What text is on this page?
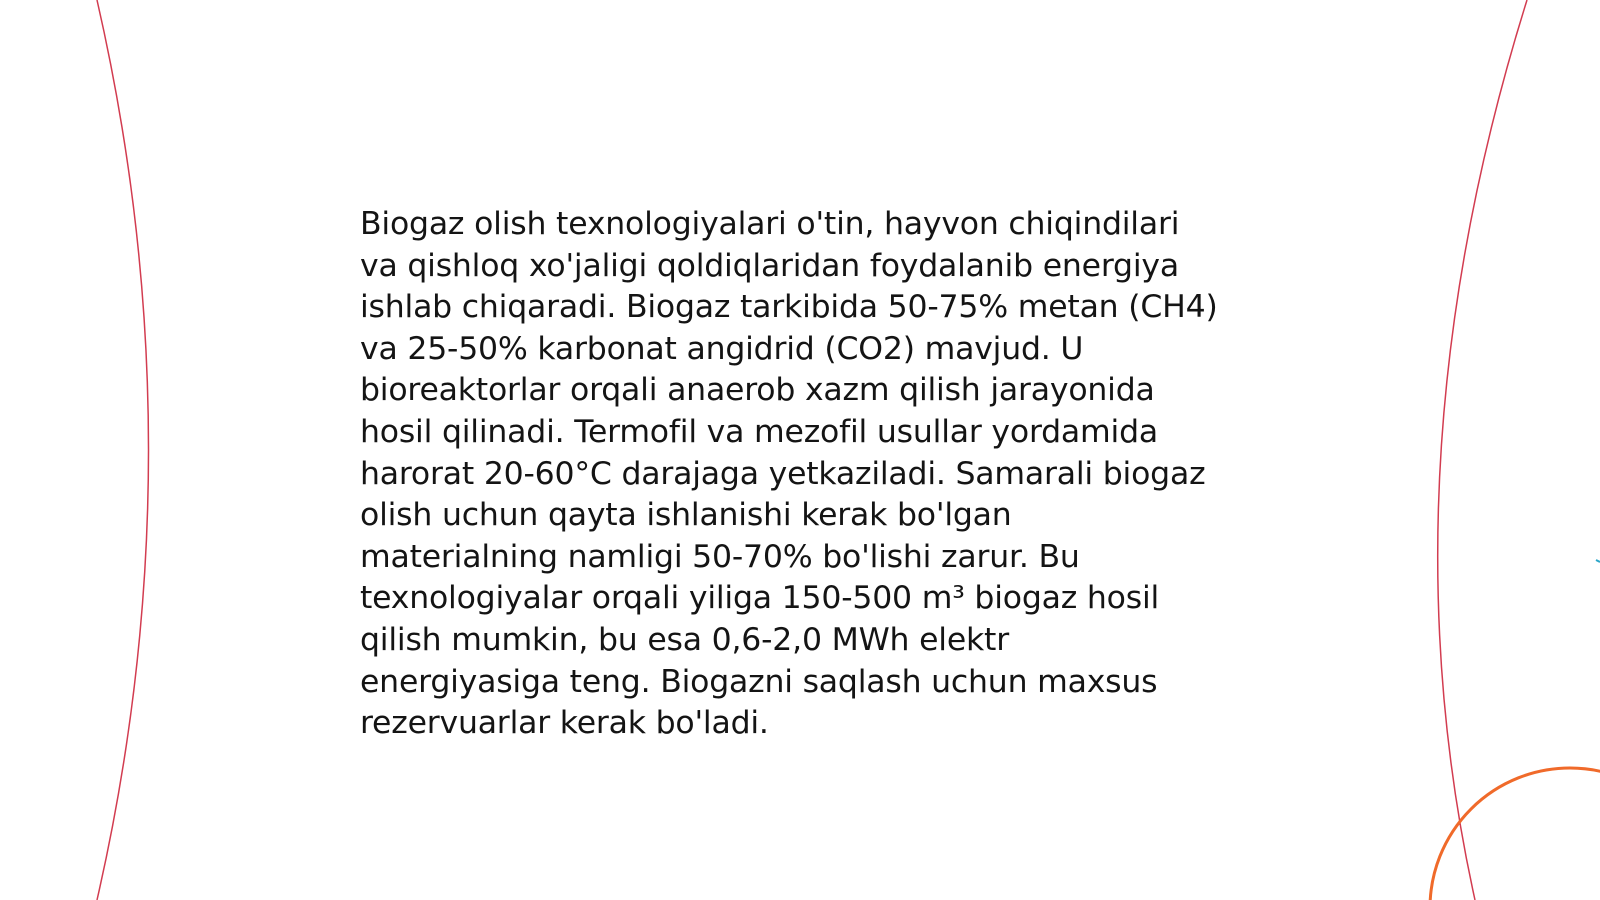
Biogaz olish texnologiyalari o'tin, hayvon chiqindilari
va qishloq xo'jaligi qoldiqlaridan foydalanib energiya
ishlab chiqaradi. Biogaz tarkibida 50-75% metan (CH4)
va 25-50% karbonat angidrid (CO2) mavjud. U
bioreaktorlar orqali anaerob xazm qilish jarayonida
hosil qilinadi. Termofil va mezofil usullar yordamida
harorat 20-60°C darajaga yetkaziladi. Samarali biogaz
olish uchun qayta ishlanishi kerak bo'lgan
materialning namligi 50-70% bo'lishi zarur. Bu
texnologiyalar orqali yiliga 150-500 m³ biogaz hosil
qilish mumkin, bu esa 0,6-2,0 MWh elektr
energiyasiga teng. Biogazni saqlash uchun maxsus
rezervuarlar kerak bo'ladi.
